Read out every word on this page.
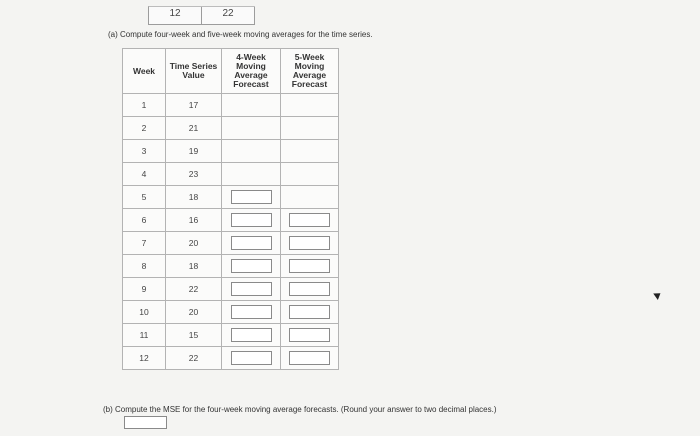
12	22
(a) Compute four-week and five-week moving averages for the time series.
Week	Time Series Value	4-Week Moving Average Forecast	5-Week Moving Average Forecast
1	17		
2	21		
3	19		
4	23		
5	18	

6	16	

7	20	

8	18	

9	22	

10	20	

11	15	

12	22	

(b) Compute the MSE for the four-week moving average forecasts. (Round your answer to two decimal places.)
